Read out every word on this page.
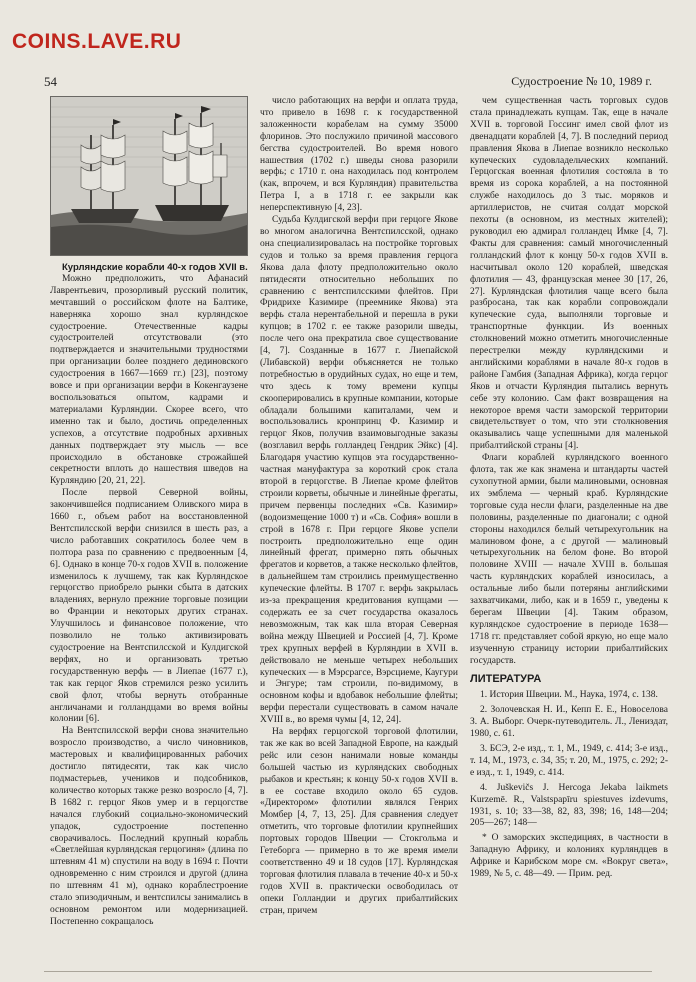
COINS.LAVE.RU
54	Судостроение № 10, 1989 г.

Курляндские корабли 40-х годов XVII в.

Можно предположить, что Афанасий Лаврентьевич, прозорливый русский политик, мечтавший о российском флоте на Балтике, наверняка хорошо знал курляндское судостроение. Отечественные кадры судостроителей отсутствовали (это подтверждается и значительными трудностями при организации более позднего дединовского судостроения в 1667—1669 гг.) [23], поэтому вовсе и при организации верфи в Кокенгаузене воспользоваться опытом, кадрами и материалами Курляндии. Скорее всего, что именно так и было, достичь определенных успехов, а отсутствие подробных архивных данных подтверждает эту мысль — все происходило в обстановке строжайшей секретности вплоть до нашествия шведов на Курляндию [20, 21, 22].

После первой Северной войны, закончившейся подписанием Оливского мира в 1660 г., объем работ на восстановленной Вентспилсской верфи снизился в шесть раз, а число работавших сократилось более чем в полтора раза по сравнению с предвоенным [4, 6]. Однако в конце 70-х годов XVII в. положение изменилось к лучшему, так как Курляндское герцогство приобрело рынки сбыта в датских владениях, вернуло прежние торговые позиции во Франции и некоторых других странах. Улучшилось и финансовое положение, что позволило не только активизировать судостроение на Вентспилсской и Кулдигской верфях, но и организовать третью государственную верфь — в Лиепае (1677 г.), так как герцог Яков стремился резко усилить свой флот, чтобы вернуть отобранные англичанами и голландцами во время войны колонии [6].

На Вентспилсской верфи снова значительно возросло производство, а число чиновников, мастеровых и квалифицированных рабочих достигло пятидесяти, так как число подмастерьев, учеников и подсобников, количество которых также резко возросло [4, 7]. В 1682 г. герцог Яков умер и в герцогстве начался глубокий социально-экономический упадок, судостроение постепенно сворачивалось. Последний крупный корабль «Светлейшая курляндская герцогиня» (длина по штевням 41 м) спустили на воду в 1694 г. Почти одновременно с ним строился и другой (длина по штевням 41 м), однако кораблестроение стало эпизодичным, и вентспилсы занимались в основном ремонтом или модернизацией. Постепенно сокращалось

число работающих на верфи и оплата труда, что привело в 1698 г. к государственной заложенности корабелам на сумму 35000 флоринов. Это послужило причиной массового бегства судостроителей. Во время нового нашествия (1702 г.) шведы снова разорили верфь; с 1710 г. она находилась под контролем (как, впрочем, и вся Курляндия) правительства Петра I, а в 1718 г. ее закрыли как неперспективную [4, 23].

Судьба Кулдигской верфи при герцоге Якове во многом аналогична Вентспилсской, однако она специализировалась на постройке торговых судов и только за время правления герцога Якова дала флоту предположительно около пятидесяти относительно небольших по сравнению с вентспилсскими флейтов. При Фридрихе Казимире (преемнике Якова) эта верфь стала нерентабельной и перешла в руки купцов; в 1702 г. ее также разорили шведы, после чего она прекратила свое существование [4, 7]. Созданные в 1677 г. Лиепайской (Либавской) верфи объясняется не только потребностью в орудийных судах, но еще и тем, что здесь к тому времени купцы скооперировались в крупные компании, которые обладали большими капиталами, чем и воспользовались кронпринц Ф. Казимир и герцог Яков, получив взаимовыгодные заказы (возглавил верфь голландец Гендрик Эйкс) [4]. Благодаря участию купцов эта государственно-частная мануфактура за короткий срок стала второй в герцогстве. В Лиепае кроме флейтов строили корветы, обычные и линейные фрегаты, причем первенцы последних «Св. Казимир» (водоизмещение 1000 т) и «Св. София» вошли в строй в 1678 г. При герцоге Якове успели построить предположительно еще один линейный фрегат, примерно пять обычных фрегатов и корветов, а также несколько флейтов, в дальнейшем там строились преимущественно купеческие флейты. В 1707 г. верфь закрылась из-за прекращения кредитования купцами — содержать ее за счет государства оказалось невозможным, так как шла вторая Северная война между Швецией и Россией [4, 7]. Кроме трех крупных верфей в Курляндии в XVII в. действовало не меньше четырех небольших купеческих — в Мэрсрагсе, Вэрсциеме, Каугури и Энгуре; там строили, по-видимому, в основном кофы и вдобавок небольшие флейты; верфи перестали существовать в самом начале XVIII в., во время чумы [4, 12, 24].

На верфях герцогской торговой флотилии, так же как во всей Западной Европе, на каждый рейс или сезон нанимали новые команды большей частью из курляндских свободных рыбаков и крестьян; к концу 50-х годов XVII в. в ее составе входило около 65 судов. «Директором» флотилии являлся Генрих Момбер [4, 7, 13, 25]. Для сравнения следует отметить, что торговые флотилии крупнейших портовых городов Швеции — Стокгольма и Гетеборга — примерно в то же время имели соответственно 49 и 18 судов [17]. Курляндская торговая флотилия плавала в течение 40-х и 50-х годов XVII в. практически освободилась от опеки Голландии и других прибалтийских стран, причем

чем существенная часть торговых судов стала принадлежать купцам. Так, еще в начале XVII в. торговой Госсинг имел свой флот из двенадцати кораблей [4, 7]. В последний период правления Якова в Лиепае возникло несколько купеческих судовладельческих компаний. Герцогская военная флотилия состояла в то время из сорока кораблей, а на постоянной службе находилось до 3 тыс. моряков и артиллеристов, не считая солдат морской пехоты (в основном, из местных жителей); руководил ею адмирал голландец Имке [4, 7]. Факты для сравнения: самый многочисленный голландский флот к концу 50-х годов XVII в. насчитывал около 120 кораблей, шведская флотилия — 43, французская менее 30 [17, 26, 27]. Курляндская флотилия чаще всего была разбросана, так как корабли сопровождали купеческие суда, выполняли торговые и транспортные функции. Из военных столкновений можно отметить многочисленные перестрелки между курляндскими и английскими кораблями в начале 80-х годов в районе Гамбия (Западная Африка), когда герцог Яков и отчасти Курляндия пытались вернуть себе эту колонию. Сам факт возвращения на некоторое время части заморской территории свидетельствует о том, что эти столкновения оказывались чаще успешными для маленькой прибалтийской страны [4].

Флаги кораблей курляндского военного флота, так же как знамена и штандарты частей сухопутной армии, были малиновыми, основная их эмблема — черный краб. Курляндские торговые суда несли флаги, разделенные на две половины, разделенные по диагонали; с одной стороны находился белый четырехугольник на малиновом фоне, а с другой — малиновый четырехугольник на белом фоне. Во второй половине XVIII — начале XVIII в. большая часть курляндских кораблей износилась, а остальные либо были потеряны английскими захватчиками, либо, как и в 1659 г., уведены к берегам Швеции [4]. Таким образом, курляндское судостроение в периоде 1638—1718 гг. представляет собой яркую, но еще мало изученную страницу истории прибалтийских государств.

ЛИТЕРАТУРА
1. История Швеции. М., Наука, 1974, с. 138.
2. Золочевская Н. И., Кепп Е. Е., Новоселова З. А. Выборг. Очерк-путеводитель. Л., Лениздат, 1980, с. 61.
3. БСЭ, 2-е изд., т. 1, М., 1949, с. 414; 3-е изд., т. 14, М., 1973, с. 34, 35; т. 20, М., 1975, с. 292; 2-е изд., т. 1, 1949, с. 414.
4. Juškevičs J. Hercoga Jekaba laikmets Kurzemē. R., Valstspapīru spiestuves izdevums, 1931, s. 10; 33—38, 82, 83, 398; 16, 148—204; 205—267; 148—

* О заморских экспедициях, в частности в Западную Африку, и колониях курляндцев в Африке и Карибском море см. «Вокруг света», 1989, № 5, с. 48—49. — Прим. ред.
